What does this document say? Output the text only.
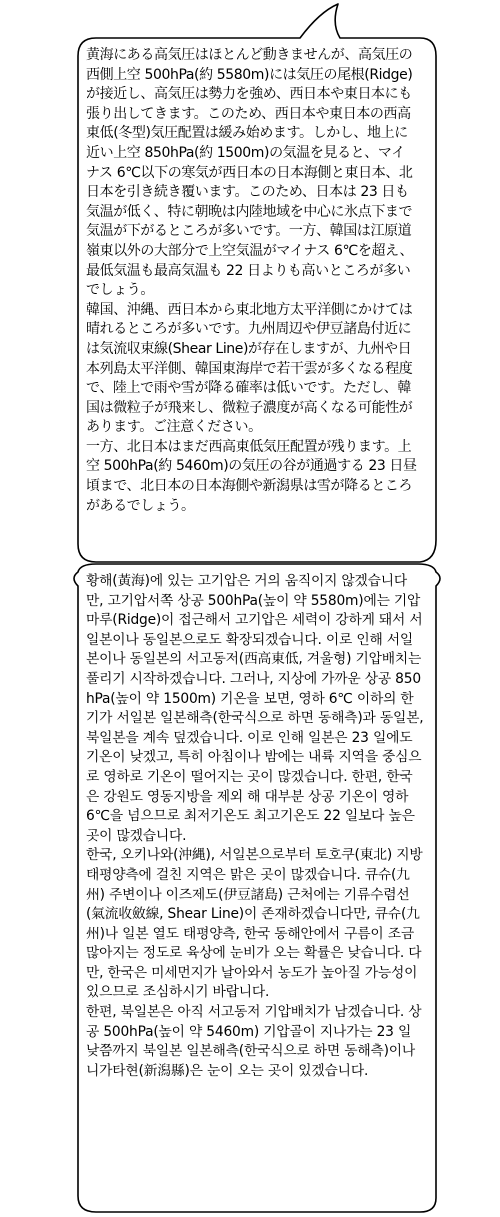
黄海にある高気圧はほとんど動きませんが、高気圧の西側上空 500hPa(約 5580m)には気圧の尾根(Ridge)が接近し、高気圧は勢力を強め、西日本や東日本にも張り出してきます。このため、西日本や東日本の西高東低(冬型)気圧配置は緩み始めます。しかし、地上に近い上空 850hPa(約 1500m)の気温を見ると、マイナス 6℃以下の寒気が西日本の日本海側と東日本、北日本を引き続き覆います。このため、日本は 23 日も気温が低く、特に朝晩は内陸地域を中心に氷点下まで気温が下がるところが多いです。一方、韓国は江原道嶺東以外の大部分で上空気温がマイナス 6℃を超え、最低気温も最高気温も 22 日よりも高いところが多いでしょう。
韓国、沖縄、西日本から東北地方太平洋側にかけては晴れるところが多いです。九州周辺や伊豆諸島付近には気流収束線(Shear Line)が存在しますが、九州や日本列島太平洋側、韓国東海岸で若干雲が多くなる程度で、陸上で雨や雪が降る確率は低いです。ただし、韓国は微粒子が飛来し、微粒子濃度が高くなる可能性があります。ご注意ください。
一方、北日本はまだ西高東低気圧配置が残ります。上空 500hPa(約 5460m)の気圧の谷が通過する 23 日昼頃まで、北日本の日本海側や新潟県は雪が降るところがあるでしょう。

황해(黃海)에 있는 고기압은 거의 움직이지 않겠습니다만, 고기압서쪽 상공 500hPa(높이 약 5580m)에는 기압마루(Ridge)이 접근해서 고기압은 세력이 강하게 돼서 서일본이나 동일본으로도 확장되겠습니다. 이로 인해 서일본이나 동일본의 서고동저(西高東低, 겨울형) 기압배치는 풀리기 시작하겠습니다. 그러나, 지상에 가까운 상공 850hPa(높이 약 1500m) 기온을 보면, 영하 6℃ 이하의 한기가 서일본 일본해측(한국식으로 하면 동해측)과 동일본, 북일본을 계속 덮겠습니다. 이로 인해 일본은 23 일에도 기온이 낮겠고, 특히 아침이나 밤에는 내륙 지역을 중심으로 영하로 기온이 떨어지는 곳이 많겠습니다. 한편, 한국은 강원도 영동지방을 제외 해 대부분 상공 기온이 영하 6℃을 넘으므로 최저기온도 최고기온도 22 일보다 높은 곳이 많겠습니다.
한국, 오키나와(沖縄), 서일본으로부터 토호쿠(東北) 지방 태평양측에 걸친 지역은 맑은 곳이 많겠습니다. 큐슈(九州) 주변이나 이즈제도(伊豆諸島) 근처에는 기류수렴선(氣流收斂線, Shear Line)이 존재하겠습니다만, 큐슈(九州)나 일본 열도 태평양측, 한국 동해안에서 구름이 조금 많아지는 정도로 육상에 눈비가 오는 확률은 낮습니다. 다만, 한국은 미세먼지가 날아와서 농도가 높아질 가능성이 있으므로 조심하시기 바랍니다.
한편, 북일본은 아직 서고동저 기압배치가 남겠습니다. 상공 500hPa(높이 약 5460m) 기압골이 지나가는 23 일 낮쯤까지 북일본 일본해측(한국식으로 하면 동해측)이나 니가타현(新潟縣)은 눈이 오는 곳이 있겠습니다.
